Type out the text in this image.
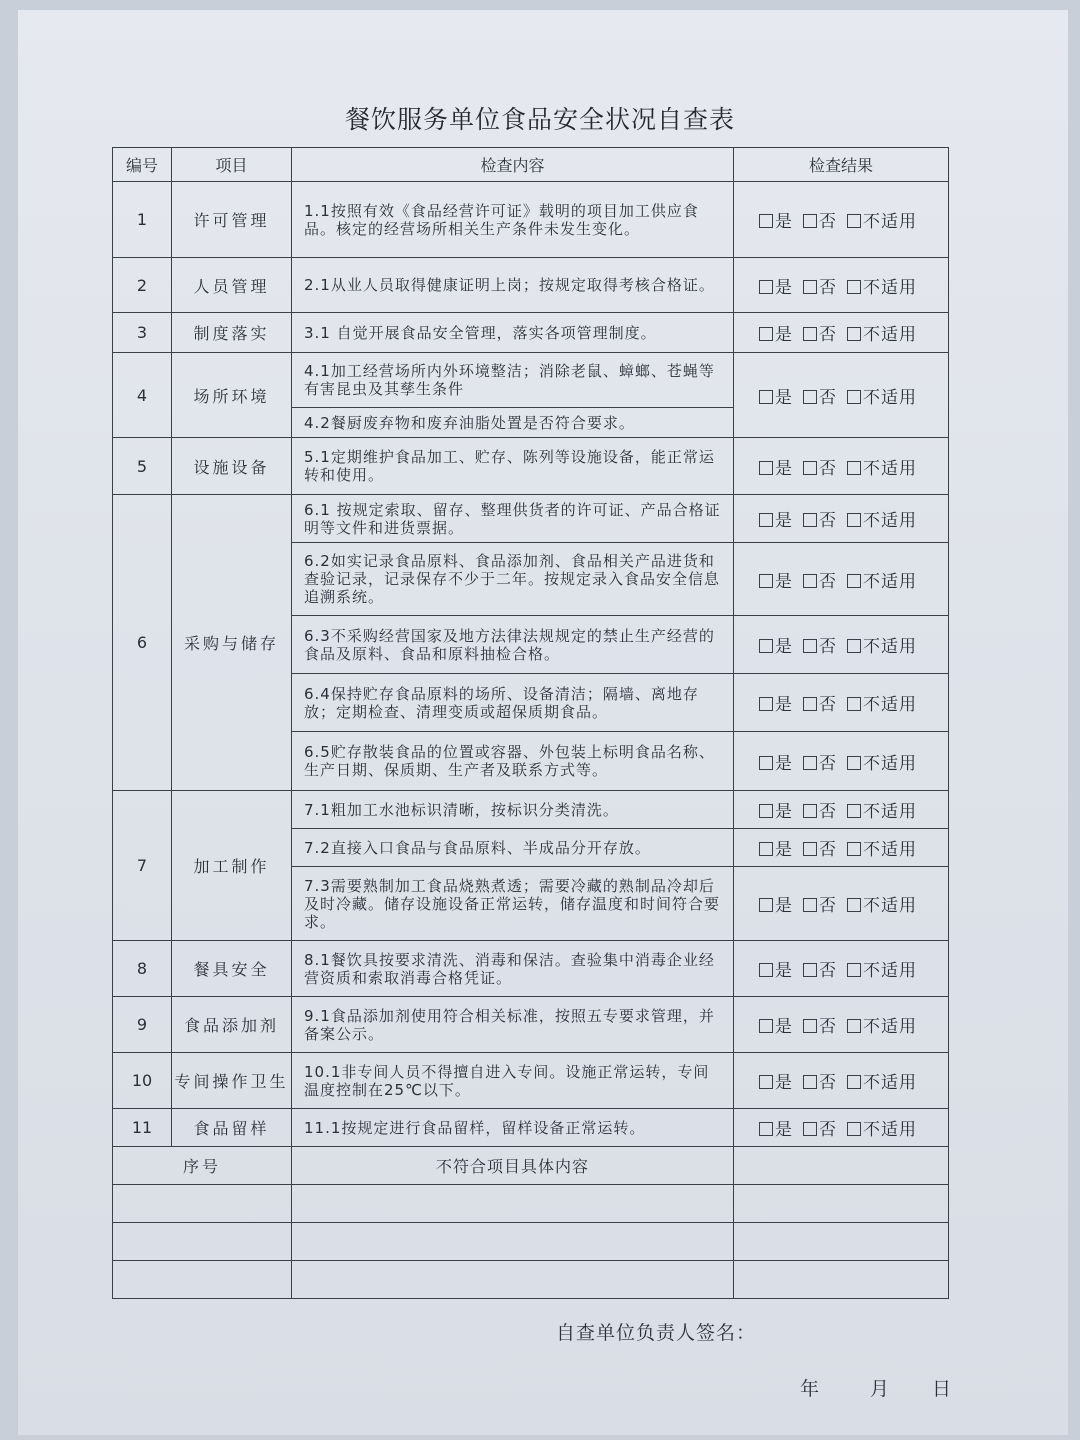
餐饮服务单位食品安全状况自查表
编号	项目	检查内容	检查结果
1	许可管理	1.1按照有效《食品经营许可证》载明的项目加工供应食品。核定的经营场所相关生产条件未发生变化。	是 否 不适用
2	人员管理	2.1从业人员取得健康证明上岗；按规定取得考核合格证。	是 否 不适用
3	制度落实	3.1 自觉开展食品安全管理，落实各项管理制度。	是 否 不适用
4	场所环境	4.1加工经营场所内外环境整洁；消除老鼠、蟑螂、苍蝇等有害昆虫及其孳生条件	是 否 不适用
		4.2餐厨废弃物和废弃油脂处置是否符合要求。	
5	设施设备	5.1定期维护食品加工、贮存、陈列等设施设备，能正常运转和使用。	是 否 不适用
6	采购与储存	6.1 按规定索取、留存、整理供货者的许可证、产品合格证明等文件和进货票据。	是 否 不适用
		6.2如实记录食品原料、食品添加剂、食品相关产品进货和查验记录，记录保存不少于二年。按规定录入食品安全信息追溯系统。	是 否 不适用
		6.3不采购经营国家及地方法律法规规定的禁止生产经营的食品及原料、食品和原料抽检合格。	是 否 不适用
		6.4保持贮存食品原料的场所、设备清洁；隔墙、离地存放；定期检查、清理变质或超保质期食品。	是 否 不适用
		6.5贮存散装食品的位置或容器、外包装上标明食品名称、生产日期、保质期、生产者及联系方式等。	是 否 不适用
7	加工制作	7.1粗加工水池标识清晰，按标识分类清洗。	是 否 不适用
		7.2直接入口食品与食品原料、半成品分开存放。	是 否 不适用
		7.3需要熟制加工食品烧熟煮透；需要冷藏的熟制品冷却后及时冷藏。储存设施设备正常运转，储存温度和时间符合要求。	是 否 不适用
8	餐具安全	8.1餐饮具按要求清洗、消毒和保洁。查验集中消毒企业经营资质和索取消毒合格凭证。	是 否 不适用
9	食品添加剂	9.1食品添加剂使用符合相关标准，按照五专要求管理，并备案公示。	是 否 不适用
10	专间操作卫生	10.1非专间人员不得擅自进入专间。设施正常运转，专间温度控制在25℃以下。	是 否 不适用
11	食品留样	11.1按规定进行食品留样，留样设备正常运转。	是 否 不适用
序号		不符合项目具体内容	

自查单位负责人签名：
年	月 日
